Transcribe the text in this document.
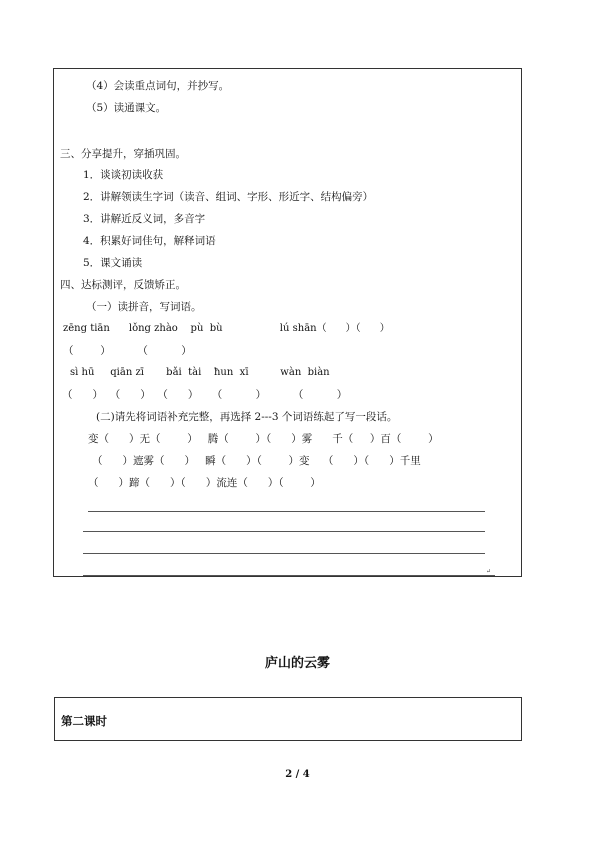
（4）会读重点词句，并抄写。
（5）读通课文。
三、分享提升，穿插巩固。
1．谈谈初读收获
2．讲解领读生字词（读音、组词、字形、形近字、结构偏旁）
3．讲解近反义词，多音字
4．积累好词佳句，解释词语
5．课文诵读
四、达标测评，反馈矫正。
（一）读拼音，写词语。
zēng tiān      lǒng zhào    pù  bù                  lú shān（      ）（      ）
（        ）        （          ）
sì hū     qiān zī       bǎi  tài    ħun  xī          wàn  biàn
（      ）  （      ）  （      ）    （          ）        （          ）
(二)请先将词语补充完整，再选择 2---3 个词语练起了写一段话。
变（      ）无（        ）   腾（        ）（      ）雾      千（     ）百（        ）
（      ）遮雾（      ）   瞬（      ）（        ）变    （      ）（      ）千里
（      ）蹄（      ）（      ）流连（      ）（        ）
↵
庐山的云雾
第二课时
2 / 4
